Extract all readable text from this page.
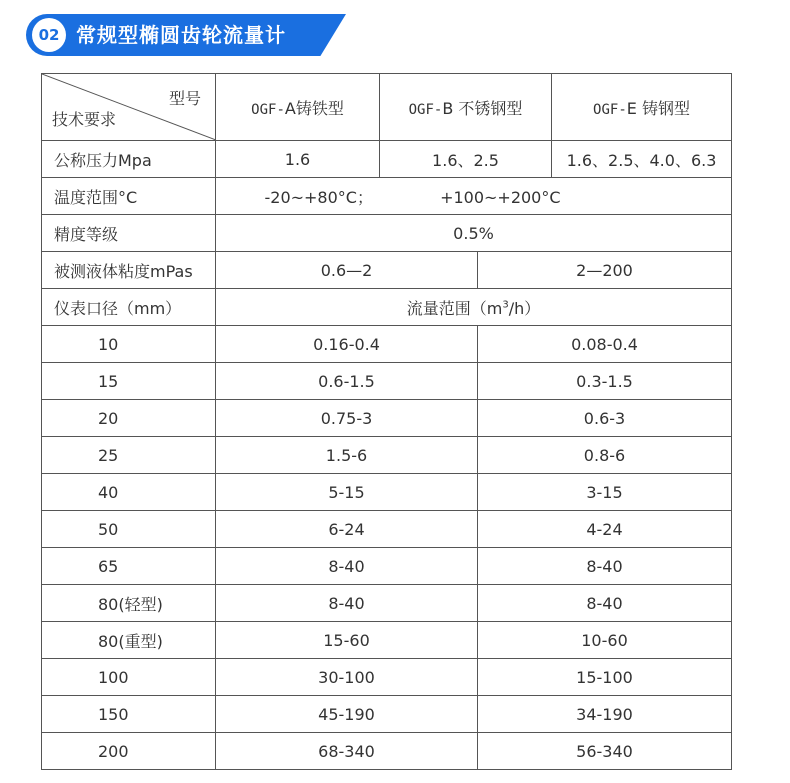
02 常规型椭圆齿轮流量计
型号
技术要求	OGF-A铸铁型	OGF-B 不锈钢型		OGF-E 铸钢型
公称压力Mpa	1.6	1.6、2.5		1.6、2.5、4.0、6.3
温度范围°C	-20~+80°C； +100~+200°C			
精度等级	0.5%			
被测液体粘度mPas	0.6—2		2—200	
仪表口径（mm）	流量范围$(m^3/h)$			
10	0.16-0.4		0.08-0.4	
15	0.6-1.5		0.3-1.5	
20	0.75-3		0.6-3	
25	1.5-6		0.8-6	
40	5-15		3-15	
50	6-24		4-24	
65	8-40		8-40	
80(轻型)	8-40		8-40	
80(重型)	15-60		10-60	
100	30-100		15-100	
150	45-190		34-190	
200	68-340		56-340	
